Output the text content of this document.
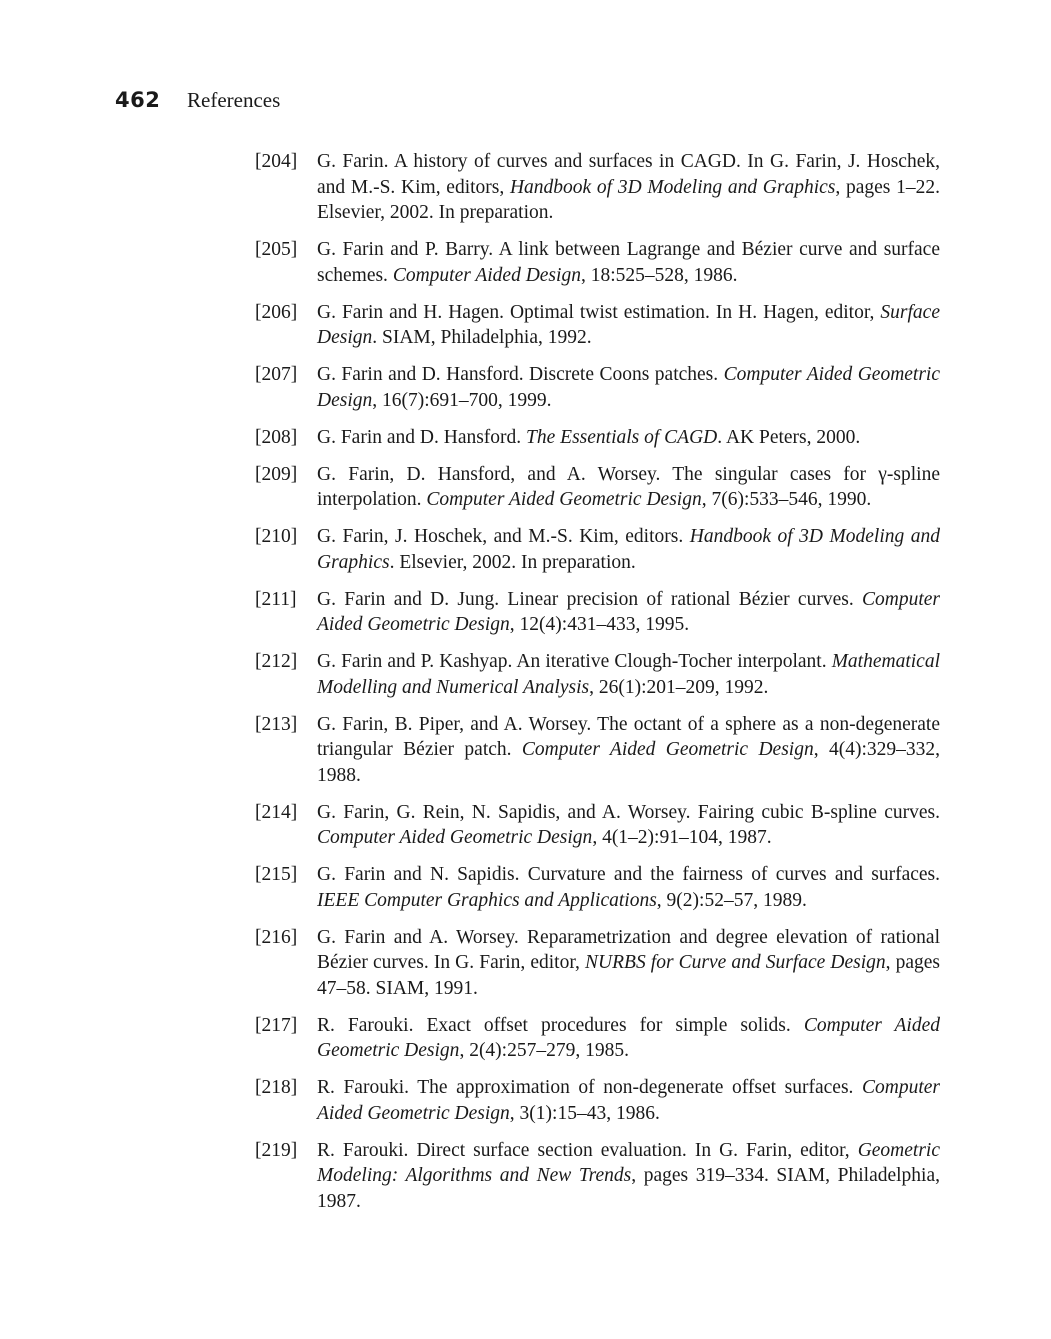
462	References
[204]	G. Farin. A history of curves and surfaces in CAGD. In G. Farin, J. Hoschek, and M.-S. Kim, editors, Handbook of 3D Modeling and Graphics, pages 1–22. Elsevier, 2002. In preparation.
[205]	G. Farin and P. Barry. A link between Lagrange and Bézier curve and surface schemes. Computer Aided Design, 18:525–528, 1986.
[206]	G. Farin and H. Hagen. Optimal twist estimation. In H. Hagen, editor, Surface Design. SIAM, Philadelphia, 1992.
[207]	G. Farin and D. Hansford. Discrete Coons patches. Computer Aided Geometric Design, 16(7):691–700, 1999.
[208]	G. Farin and D. Hansford. The Essentials of CAGD. AK Peters, 2000.
[209]	G. Farin, D. Hansford, and A. Worsey. The singular cases for γ-spline interpolation. Computer Aided Geometric Design, 7(6):533–546, 1990.
[210]	G. Farin, J. Hoschek, and M.-S. Kim, editors. Handbook of 3D Modeling and Graphics. Elsevier, 2002. In preparation.
[211]	G. Farin and D. Jung. Linear precision of rational Bézier curves. Computer Aided Geometric Design, 12(4):431–433, 1995.
[212]	G. Farin and P. Kashyap. An iterative Clough-Tocher interpolant. Mathematical Modelling and Numerical Analysis, 26(1):201–209, 1992.
[213]	G. Farin, B. Piper, and A. Worsey. The octant of a sphere as a non-degenerate triangular Bézier patch. Computer Aided Geometric Design, 4(4):329–332, 1988.
[214]	G. Farin, G. Rein, N. Sapidis, and A. Worsey. Fairing cubic B-spline curves. Computer Aided Geometric Design, 4(1–2):91–104, 1987.
[215]	G. Farin and N. Sapidis. Curvature and the fairness of curves and surfaces. IEEE Computer Graphics and Applications, 9(2):52–57, 1989.
[216]	G. Farin and A. Worsey. Reparametrization and degree elevation of rational Bézier curves. In G. Farin, editor, NURBS for Curve and Surface Design, pages 47–58. SIAM, 1991.
[217]	R. Farouki. Exact offset procedures for simple solids. Computer Aided Geometric Design, 2(4):257–279, 1985.
[218]	R. Farouki. The approximation of non-degenerate offset surfaces. Computer Aided Geometric Design, 3(1):15–43, 1986.
[219]	R. Farouki. Direct surface section evaluation. In G. Farin, editor, Geometric Modeling: Algorithms and New Trends, pages 319–334. SIAM, Philadelphia, 1987.
